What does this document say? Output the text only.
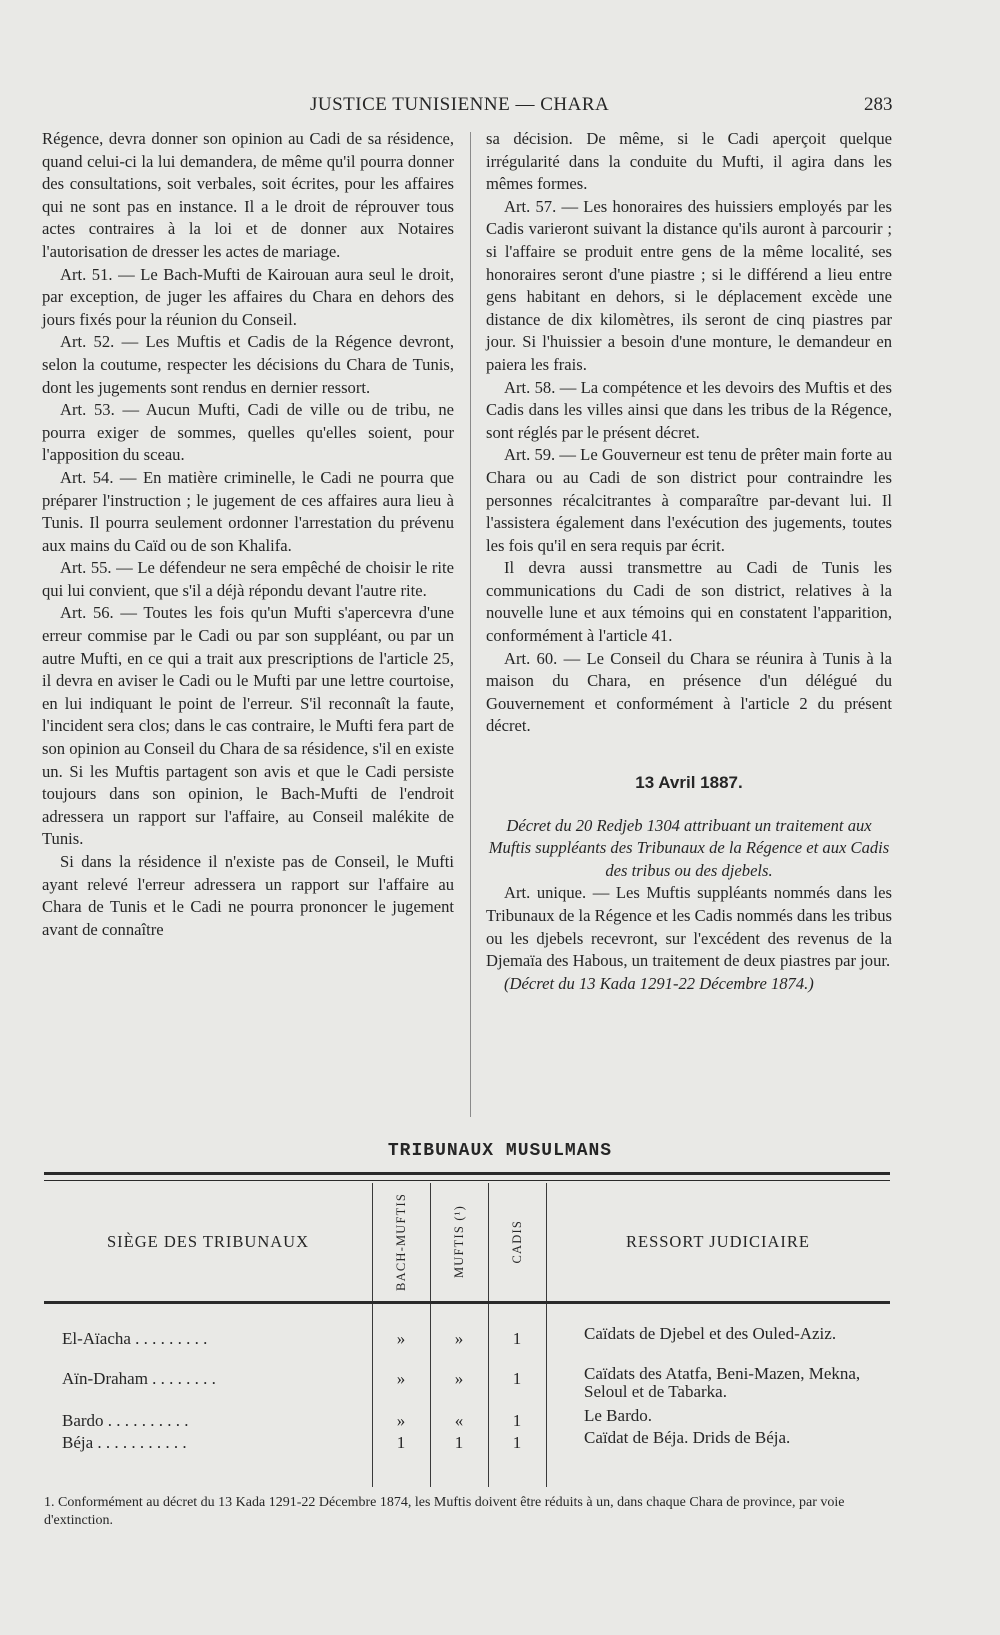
JUSTICE TUNISIENNE — CHARA	283

Régence, devra donner son opinion au Cadi de sa résidence, quand celui-ci la lui demandera, de même qu'il pourra donner des consultations, soit verbales, soit écrites, pour les affaires qui ne sont pas en instance. Il a le droit de réprouver tous actes contraires à la loi et de donner aux Notaires l'autorisation de dresser les actes de mariage.

Art. 51. — Le Bach-Mufti de Kairouan aura seul le droit, par exception, de juger les affaires du Chara en dehors des jours fixés pour la réunion du Conseil.

Art. 52. — Les Muftis et Cadis de la Régence devront, selon la coutume, respecter les décisions du Chara de Tunis, dont les jugements sont rendus en dernier ressort.

Art. 53. — Aucun Mufti, Cadi de ville ou de tribu, ne pourra exiger de sommes, quelles qu'elles soient, pour l'apposition du sceau.

Art. 54. — En matière criminelle, le Cadi ne pourra que préparer l'instruction ; le jugement de ces affaires aura lieu à Tunis. Il pourra seulement ordonner l'arrestation du prévenu aux mains du Caïd ou de son Khalifa.

Art. 55. — Le défendeur ne sera empêché de choisir le rite qui lui convient, que s'il a déjà répondu devant l'autre rite.

Art. 56. — Toutes les fois qu'un Mufti s'apercevra d'une erreur commise par le Cadi ou par son suppléant, ou par un autre Mufti, en ce qui a trait aux prescriptions de l'article 25, il devra en aviser le Cadi ou le Mufti par une lettre courtoise, en lui indiquant le point de l'erreur. S'il reconnaît la faute, l'incident sera clos; dans le cas contraire, le Mufti fera part de son opinion au Conseil du Chara de sa résidence, s'il en existe un. Si les Muftis partagent son avis et que le Cadi persiste toujours dans son opinion, le Bach-Mufti de l'endroit adressera un rapport sur l'affaire, au Conseil malékite de Tunis.

Si dans la résidence il n'existe pas de Conseil, le Mufti ayant relevé l'erreur adressera un rapport sur l'affaire au Chara de Tunis et le Cadi ne pourra prononcer le jugement avant de connaître

sa décision. De même, si le Cadi aperçoit quelque irrégularité dans la conduite du Mufti, il agira dans les mêmes formes.

Art. 57. — Les honoraires des huissiers employés par les Cadis varieront suivant la distance qu'ils auront à parcourir ; si l'affaire se produit entre gens de la même localité, ses honoraires seront d'une piastre ; si le différend a lieu entre gens habitant en dehors, si le déplacement excède une distance de dix kilomètres, ils seront de cinq piastres par jour. Si l'huissier a besoin d'une monture, le demandeur en paiera les frais.

Art. 58. — La compétence et les devoirs des Muftis et des Cadis dans les villes ainsi que dans les tribus de la Régence, sont réglés par le présent décret.

Art. 59. — Le Gouverneur est tenu de prêter main forte au Chara ou au Cadi de son district pour contraindre les personnes récalcitrantes à comparaître par-devant lui. Il l'assistera également dans l'exécution des jugements, toutes les fois qu'il en sera requis par écrit.

Il devra aussi transmettre au Cadi de Tunis les communications du Cadi de son district, relatives à la nouvelle lune et aux témoins qui en constatent l'apparition, conformément à l'article 41.

Art. 60. — Le Conseil du Chara se réunira à Tunis à la maison du Chara, en présence d'un délégué du Gouvernement et conformément à l'article 2 du présent décret.

13 Avril 1887.

Décret du 20 Redjeb 1304 attribuant un traitement aux Muftis suppléants des Tribunaux de la Régence et aux Cadis des tribus ou des djebels.

Art. unique. — Les Muftis suppléants nommés dans les Tribunaux de la Régence et les Cadis nommés dans les tribus ou les djebels recevront, sur l'excédent des revenus de la Djemaïa des Habous, un traitement de deux piastres par jour.

(Décret du 13 Kada 1291-22 Décembre 1874.)

TRIBUNAUX MUSULMANS
SIÈGE DES TRIBUNAUX	BACH-MUFTIS	MUFTIS (¹)	CADIS	RESSORT JUDICIAIRE
El-Aïacha . . . . . . . . .	»	»	1	Caïdats de Djebel et des Ouled-Aziz.
Aïn-Draham . . . . . . . .	»	»	1	Caïdats des Atatfa, Beni-Mazen, Mekna, Seloul et de Tabarka.
Bardo . . . . . . . . . .	»	«	1	Le Bardo.
Béja . . . . . . . . . . .	1	1	1	Caïdat de Béja. Drids de Béja.
1. Conformément au décret du 13 Kada 1291-22 Décembre 1874, les Muftis doivent être réduits à un, dans chaque Chara de province, par voie d'extinction.
